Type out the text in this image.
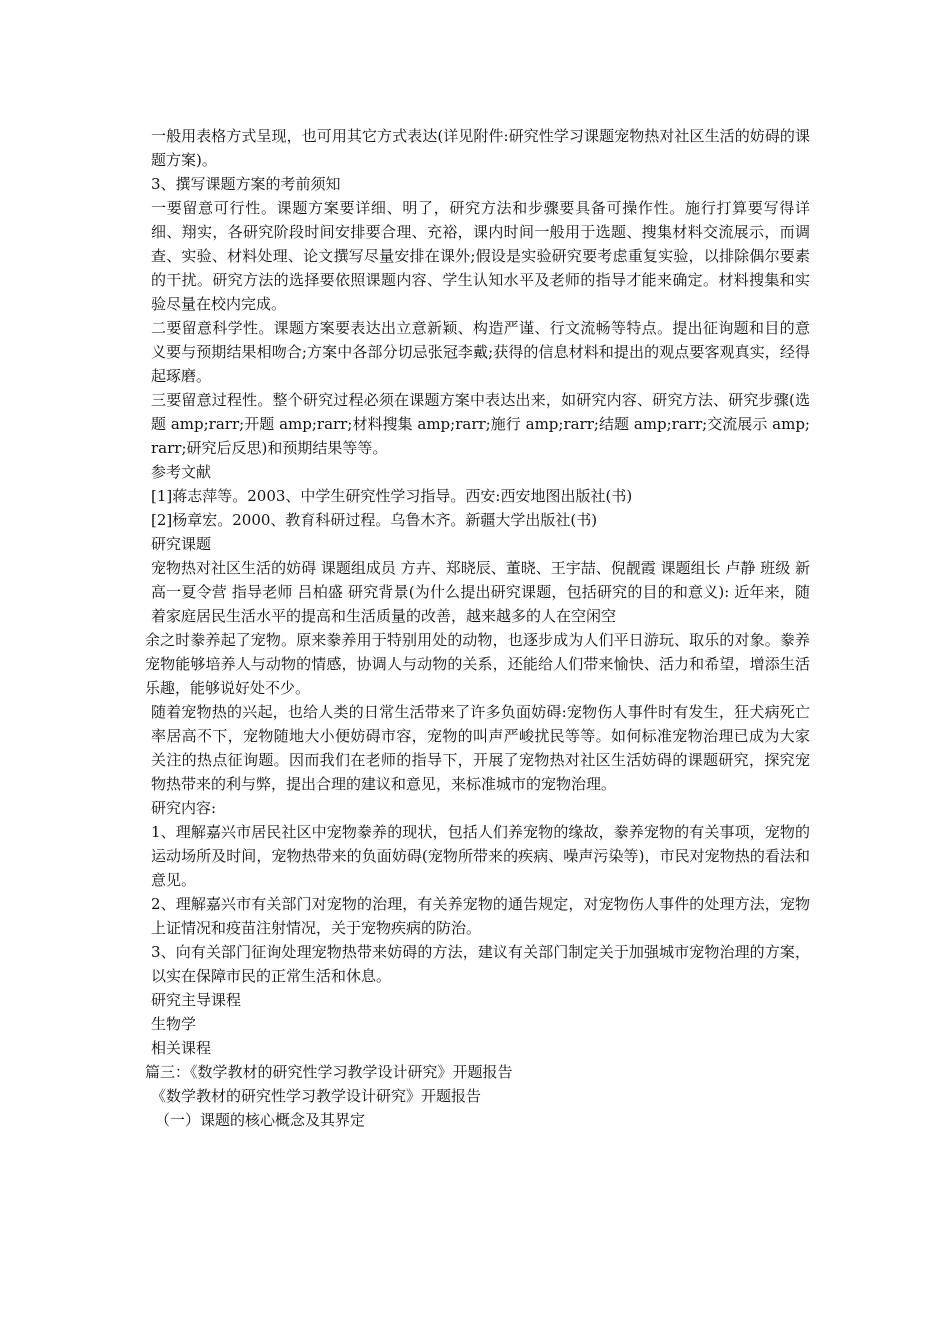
一般用表格方式呈现，也可用其它方式表达(详见附件:研究性学习课题宠物热对社区生活的妨碍的课题方案)。

3、撰写课题方案的考前须知

一要留意可行性。课题方案要详细、明了，研究方法和步骤要具备可操作性。施行打算要写得详细、翔实，各研究阶段时间安排要合理、充裕，课内时间一般用于选题、搜集材料交流展示，而调查、实验、材料处理、论文撰写尽量安排在课外;假设是实验研究要考虑重复实验，以排除偶尔要素的干扰。研究方法的选择要依照课题内容、学生认知水平及老师的指导才能来确定。材料搜集和实验尽量在校内完成。

二要留意科学性。课题方案要表达出立意新颖、构造严谨、行文流畅等特点。提出征询题和目的意义要与预期结果相吻合;方案中各部分切忌张冠李戴;获得的信息材料和提出的观点要客观真实，经得起琢磨。

三要留意过程性。整个研究过程必须在课题方案中表达出来，如研究内容、研究方法、研究步骤(选题 amp;rarr;开题 amp;rarr;材料搜集 amp;rarr;施行 amp;rarr;结题 amp;rarr;交流展示 amp;rarr;研究后反思)和预期结果等等。

参考文献

[1]蒋志萍等。2003、中学生研究性学习指导。西安:西安地图出版社(书)

[2]杨章宏。2000、教育科研过程。乌鲁木齐。新疆大学出版社(书)

研究课题

宠物热对社区生活的妨碍 课题组成员 方卉、郑晓辰、董晓、王宇喆、倪靓霞 课题组长 卢静 班级 新高一夏令营 指导老师 吕柏盛 研究背景(为什么提出研究课题，包括研究的目的和意义): 近年来，随着家庭居民生活水平的提高和生活质量的改善，越来越多的人在空闲空

余之时豢养起了宠物。原来豢养用于特别用处的动物，也逐步成为人们平日游玩、取乐的对象。豢养宠物能够培养人与动物的情感，协调人与动物的关系，还能给人们带来愉快、活力和希望，增添生活乐趣，能够说好处不少。

随着宠物热的兴起，也给人类的日常生活带来了许多负面妨碍:宠物伤人事件时有发生，狂犬病死亡率居高不下，宠物随地大小便妨碍市容，宠物的叫声严峻扰民等等。如何标准宠物治理已成为大家关注的热点征询题。因而我们在老师的指导下，开展了宠物热对社区生活妨碍的课题研究，探究宠物热带来的利与弊，提出合理的建议和意见，来标准城市的宠物治理。

研究内容:

1、理解嘉兴市居民社区中宠物豢养的现状，包括人们养宠物的缘故，豢养宠物的有关事项，宠物的运动场所及时间，宠物热带来的负面妨碍(宠物所带来的疾病、噪声污染等)，市民对宠物热的看法和意见。

2、理解嘉兴市有关部门对宠物的治理，有关养宠物的通告规定，对宠物伤人事件的处理方法，宠物上证情况和疫苗注射情况，关于宠物疾病的防治。

3、向有关部门征询处理宠物热带来妨碍的方法，建议有关部门制定关于加强城市宠物治理的方案，以实在保障市民的正常生活和休息。

研究主导课程

生物学

相关课程

篇三：《数学教材的研究性学习教学设计研究》开题报告

《数学教材的研究性学习教学设计研究》开题报告

（一）课题的核心概念及其界定
